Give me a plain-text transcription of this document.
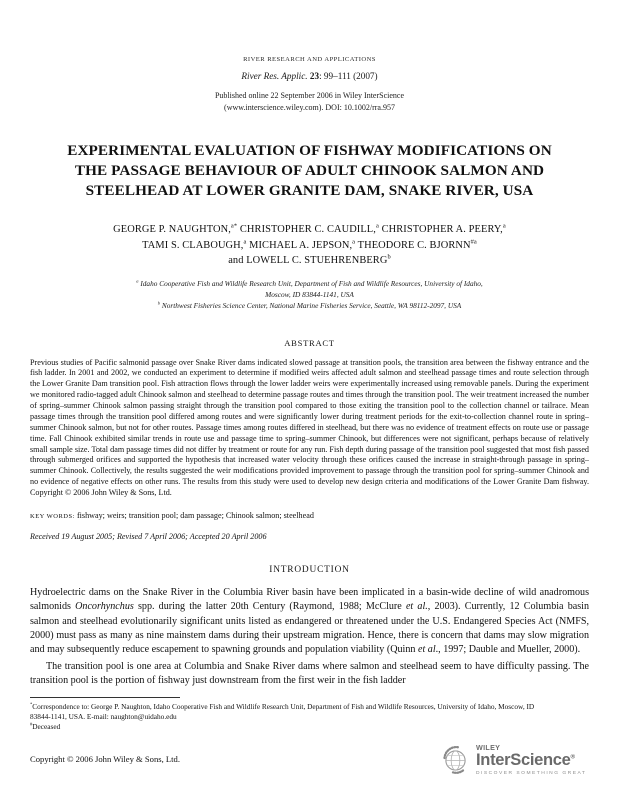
RIVER RESEARCH AND APPLICATIONS
River Res. Applic. 23: 99–111 (2007)
Published online 22 September 2006 in Wiley InterScience
(www.interscience.wiley.com). DOI: 10.1002/rra.957
EXPERIMENTAL EVALUATION OF FISHWAY MODIFICATIONS ON
THE PASSAGE BEHAVIOUR OF ADULT CHINOOK SALMON AND
STEELHEAD AT LOWER GRANITE DAM, SNAKE RIVER, USA
GEORGE P. NAUGHTON,$^{a*}$ CHRISTOPHER C. CAUDILL,$^a$ CHRISTOPHER A. PEERY,$^a$
TAMI S. CLABOUGH,$^a$ MICHAEL A. JEPSON,$^a$ THEODORE C. BJORNN$^{\#a}$
and LOWELL C. STUEHRENBERG$^b$
$^a$ Idaho Cooperative Fish and Wildlife Research Unit, Department of Fish and Wildlife Resources, University of Idaho,
Moscow, ID 83844-1141, USA
$^b$ Northwest Fisheries Science Center, National Marine Fisheries Service, Seattle, WA 98112-2097, USA
ABSTRACT
Previous studies of Pacific salmonid passage over Snake River dams indicated slowed passage at transition pools, the transition area between the fishway entrance and the fish ladder. In 2001 and 2002, we conducted an experiment to determine if modified weirs affected adult salmon and steelhead passage times and route selection through the Lower Granite Dam transition pool. Fish attraction flows through the lower ladder weirs were experimentally increased using removable panels. During the experiment we monitored radio-tagged adult Chinook salmon and steelhead to determine passage routes and times through the transition pool. The weir treatment increased the number of spring–summer Chinook salmon passing straight through the transition pool compared to those exiting the transition pool to the collection channel or tailrace. Mean passage times through the transition pool differed among routes and were significantly lower during treatment periods for the exit-to-collection channel route in spring–summer Chinook salmon, but not for other routes. Passage times among routes differed in steelhead, but there was no evidence of treatment effects on route use or passage time. Fall Chinook exhibited similar trends in route use and passage time to spring–summer Chinook, but differences were not significant, perhaps because of relatively small sample size. Total dam passage times did not differ by treatment or route for any run. Fish depth during passage of the transition pool suggested that most fish passed through submerged orifices and supported the hypothesis that increased water velocity through these orifices caused the increase in straight-through passage in spring–summer Chinook. Collectively, the results suggested the weir modifications provided improvement to passage through the transition pool for spring–summer Chinook and no evidence of negative effects on other runs. The results from this study were used to develop new design criteria and modifications of the Lower Granite Dam fishway. Copyright © 2006 John Wiley & Sons, Ltd.
KEY WORDS: fishway; weirs; transition pool; dam passage; Chinook salmon; steelhead
Received 19 August 2005; Revised 7 April 2006; Accepted 20 April 2006
INTRODUCTION

Hydroelectric dams on the Snake River in the Columbia River basin have been implicated in a basin-wide decline of wild anadromous salmonids Oncorhynchus spp. during the latter 20th Century (Raymond, 1988; McClure et al., 2003). Currently, 12 Columbia basin salmon and steelhead evolutionarily significant units listed as endangered or threatened under the U.S. Endangered Species Act (NMFS, 2000) must pass as many as nine mainstem dams during their upstream migration. Hence, there is concern that dams may slow migration and may subsequently reduce escapement to spawning grounds and population viability (Quinn et al., 1997; Dauble and Mueller, 2000).

The transition pool is one area at Columbia and Snake River dams where salmon and steelhead seem to have difficulty passing. The transition pool is the portion of fishway just downstream from the first weir in the fish ladder

*Correspondence to: George P. Naughton, Idaho Cooperative Fish and Wildlife Research Unit, Department of Fish and Wildlife Resources, University of Idaho, Moscow, ID 83844-1141, USA. E-mail: naughton@uidaho.edu
#Deceased
Copyright © 2006 John Wiley & Sons, Ltd.
WILEY
InterScience®
DISCOVER SOMETHING GREAT
